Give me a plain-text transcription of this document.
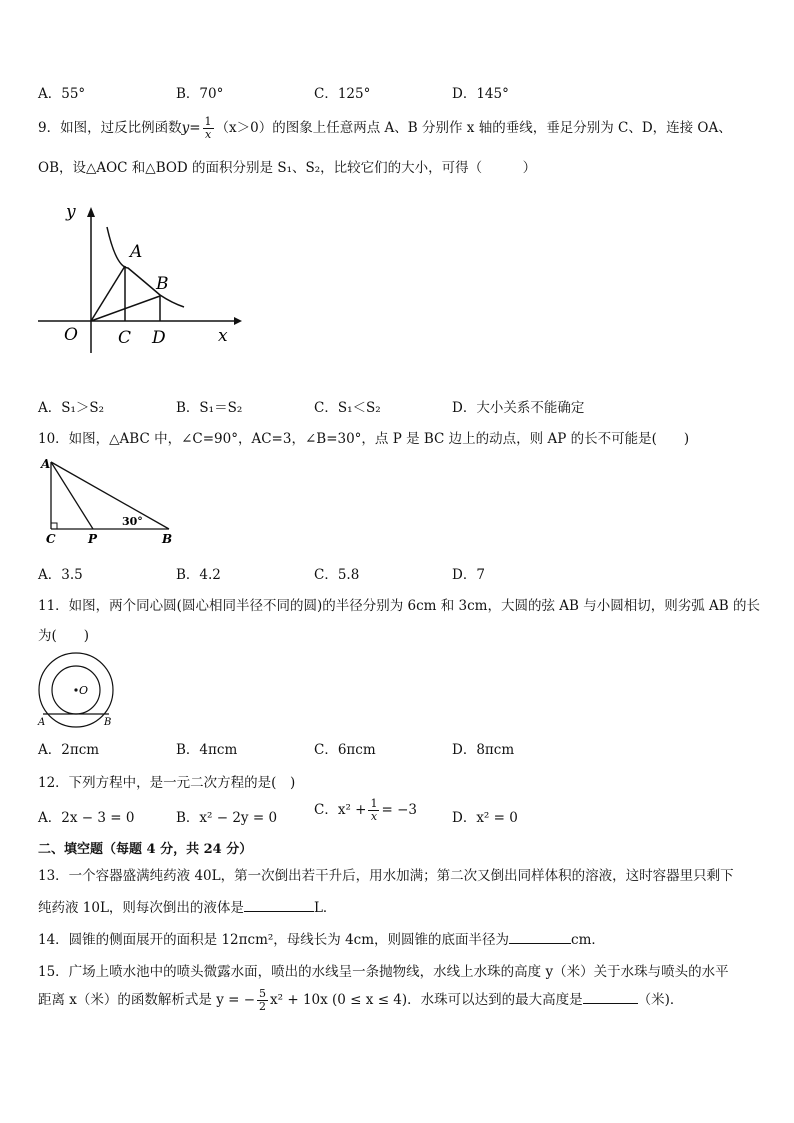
A．55°	B．70°	C．125°	D．145°
9．如图，过反比例函数$y= \frac{1}{x} (x>0)$的图象上任意两点 A、B 分别作 x 轴的垂线，垂足分别为 C、D，连接 OA、
OB，设△AOC 和△BOD 的面积分别是 S₁、S₂，比较它们的大小，可得（　　　）
y
x
O
A
B
C D
A．S₁＞S₂	B．S₁＝S₂	C．S₁＜S₂	D．大小关系不能确定
10．如图，△ABC 中，∠C=90°，AC=3，∠B=30°，点 P 是 BC 边上的动点，则 AP 的长不可能是(　　)
A
C	P	B
30°
A．3.5	B．4.2	C．5.8	D．7
11．如图，两个同心圆(圆心相同半径不同的圆)的半径分别为 6cm 和 3cm，大圆的弦 AB 与小圆相切，则劣弧 AB 的长
为(　　)
O
A	B
A．2πcm	B．4πcm	C．6πcm	D．8πcm
12．下列方程中，是一元二次方程的是(　)
A．2x − 3 = 0	B．x² − 2y = 0	C．$x^2 + \frac{1}{x} = -3$	D．x² = 0
二、填空题（每题 4 分，共 24 分）
13．一个容器盛满纯药液 40L，第一次倒出若干升后，用水加满；第二次又倒出同样体积的溶液，这时容器里只剩下
纯药液 10L，则每次倒出的液体是	L．
14．圆锥的侧面展开的面积是 12πcm²，母线长为 4cm，则圆锥的底面半径为	cm．
15．广场上喷水池中的喷头微露水面，喷出的水线呈一条抛物线，水线上水珠的高度 y（米）关于水珠与喷头的水平
距离 x（米）的函数解析式是 y = − $\frac{5}{2} x^2 + 10x$ (0 ≤ x ≤ 4)．水珠可以达到的最大高度是	（米)．
